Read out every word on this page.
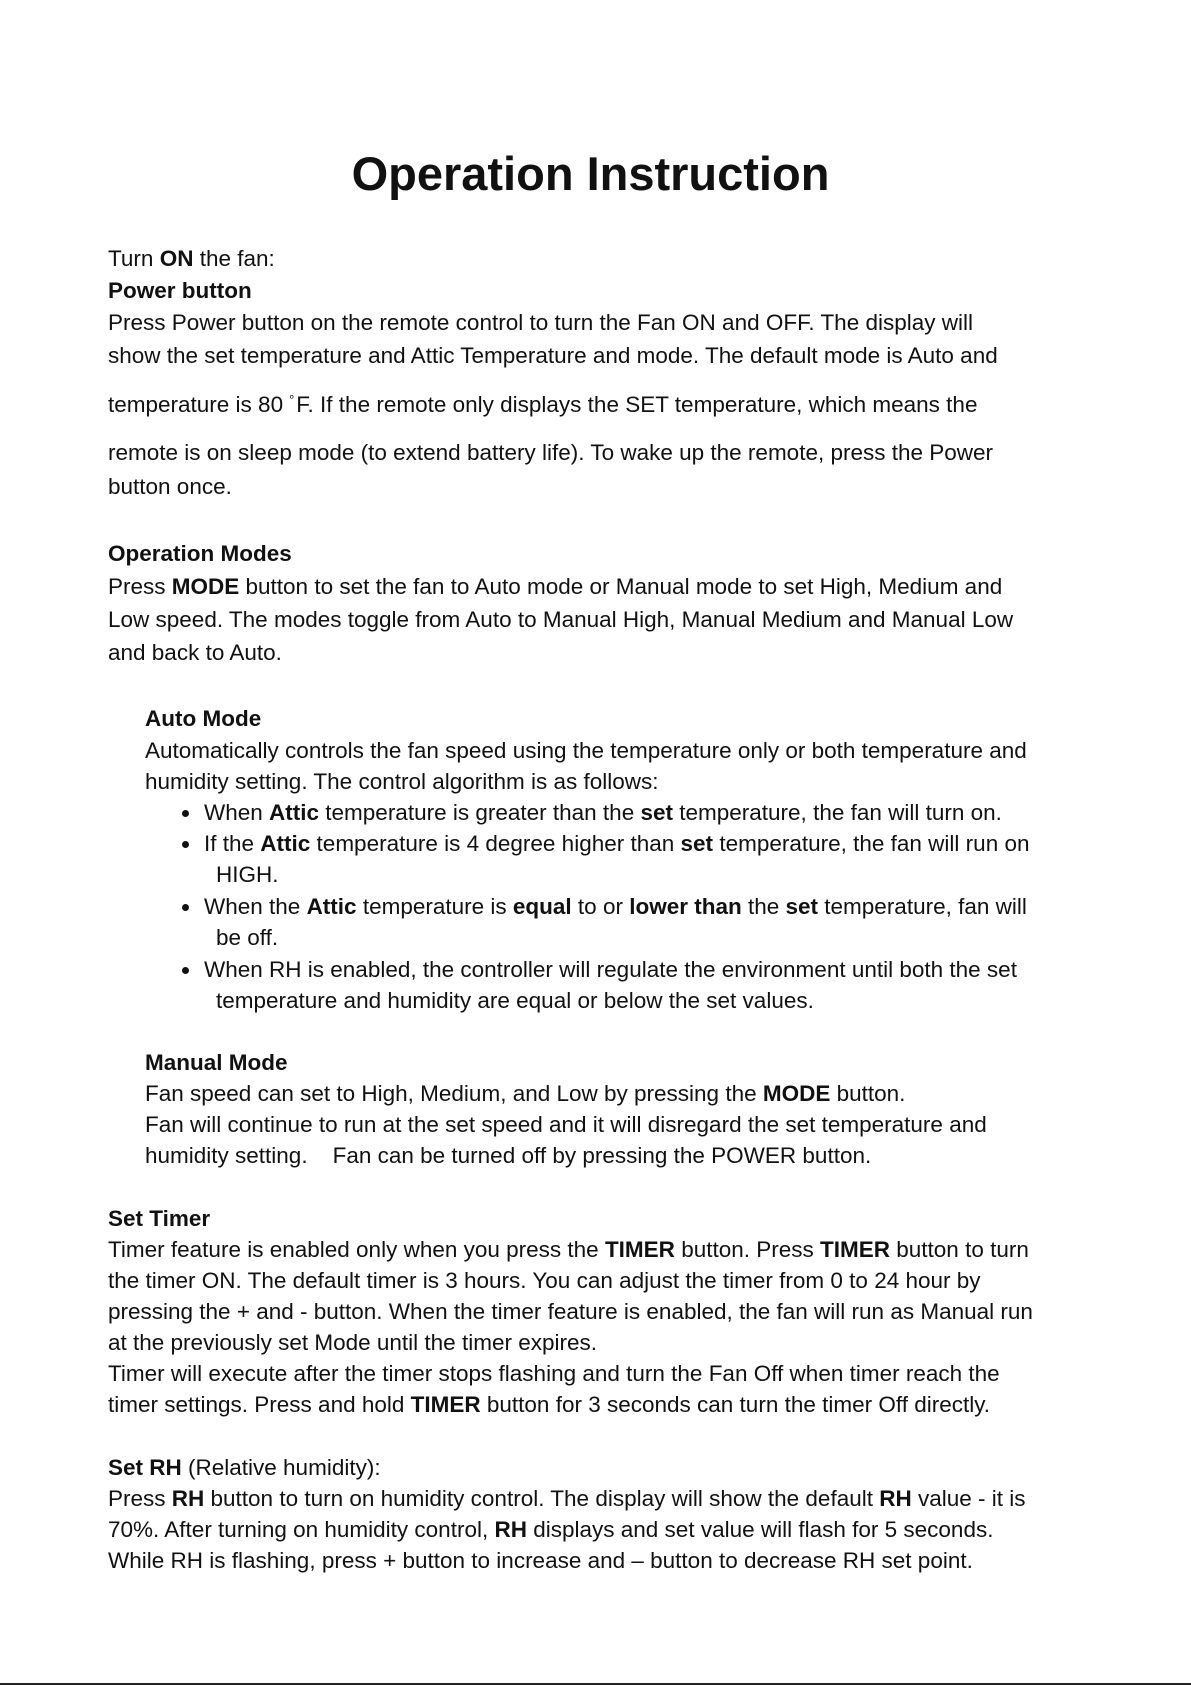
Operation Instruction
Turn ON the fan:
Power button
Press Power button on the remote control to turn the Fan ON and OFF. The display will
show the set temperature and Attic Temperature and mode. The default mode is Auto and
temperature is 80 °F. If the remote only displays the SET temperature, which means the
remote is on sleep mode (to extend battery life). To wake up the remote, press the Power
button once.
Operation Modes
Press MODE button to set the fan to Auto mode or Manual mode to set High, Medium and
Low speed. The modes toggle from Auto to Manual High, Manual Medium and Manual Low
and back to Auto.
Auto Mode
Automatically controls the fan speed using the temperature only or both temperature and
humidity setting. The control algorithm is as follows:
When Attic temperature is greater than the set temperature, the fan will turn on.
If the Attic temperature is 4 degree higher than set temperature, the fan will run on
HIGH.
When the Attic temperature is equal to or lower than the set temperature, fan will
be off.
When RH is enabled, the controller will regulate the environment until both the set
temperature and humidity are equal or below the set values.
Manual Mode
Fan speed can set to High, Medium, and Low by pressing the MODE button.
Fan will continue to run at the set speed and it will disregard the set temperature and
humidity setting.    Fan can be turned off by pressing the POWER button.
Set Timer
Timer feature is enabled only when you press the TIMER button. Press TIMER button to turn
the timer ON. The default timer is 3 hours. You can adjust the timer from 0 to 24 hour by
pressing the + and - button. When the timer feature is enabled, the fan will run as Manual run
at the previously set Mode until the timer expires.
Timer will execute after the timer stops flashing and turn the Fan Off when timer reach the
timer settings. Press and hold TIMER button for 3 seconds can turn the timer Off directly.
Set RH (Relative humidity):
Press RH button to turn on humidity control. The display will show the default RH value - it is
70%. After turning on humidity control, RH displays and set value will flash for 5 seconds.
While RH is flashing, press + button to increase and – button to decrease RH set point.
